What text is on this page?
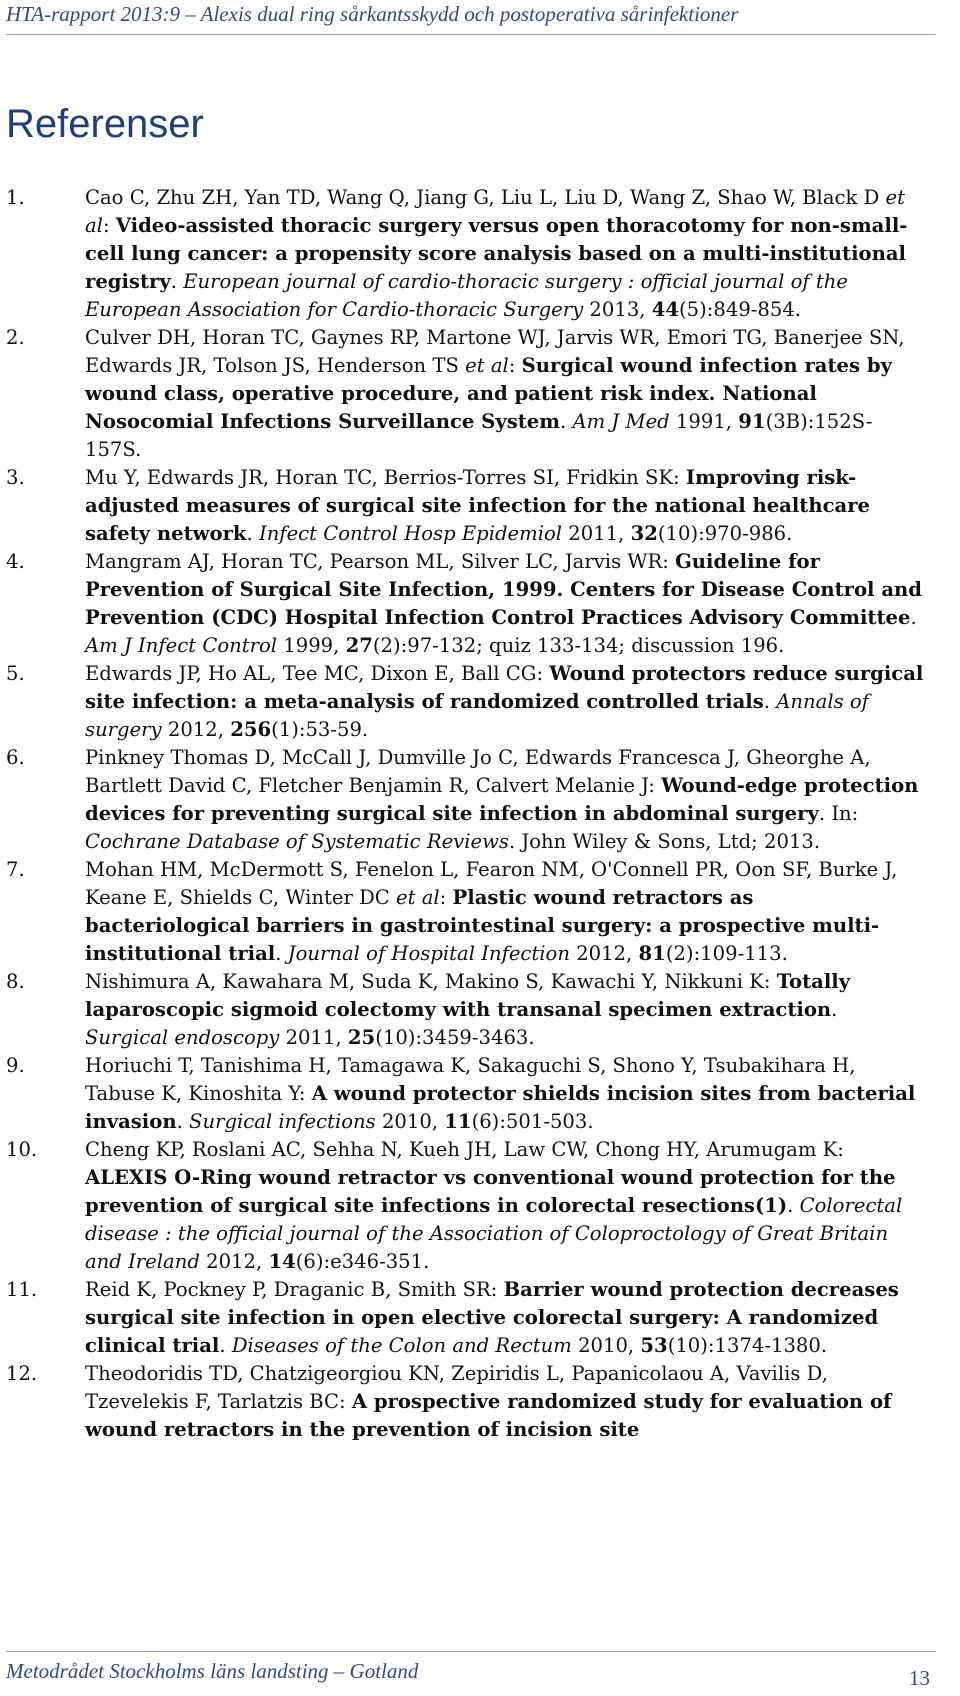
HTA-rapport 2013:9 – Alexis dual ring sårkantsskydd och postoperativa sårinfektioner
Referenser
1.	Cao C, Zhu ZH, Yan TD, Wang Q, Jiang G, Liu L, Liu D, Wang Z, Shao W, Black D et al: Video-assisted thoracic surgery versus open thoracotomy for non-small-cell lung cancer: a propensity score analysis based on a multi-institutional registry. European journal of cardio-thoracic surgery : official journal of the European Association for Cardio-thoracic Surgery 2013, 44(5):849-854.
2.	Culver DH, Horan TC, Gaynes RP, Martone WJ, Jarvis WR, Emori TG, Banerjee SN, Edwards JR, Tolson JS, Henderson TS et al: Surgical wound infection rates by wound class, operative procedure, and patient risk index. National Nosocomial Infections Surveillance System. Am J Med 1991, 91(3B):152S-157S.
3.	Mu Y, Edwards JR, Horan TC, Berrios-Torres SI, Fridkin SK: Improving risk-adjusted measures of surgical site infection for the national healthcare safety network. Infect Control Hosp Epidemiol 2011, 32(10):970-986.
4.	Mangram AJ, Horan TC, Pearson ML, Silver LC, Jarvis WR: Guideline for Prevention of Surgical Site Infection, 1999. Centers for Disease Control and Prevention (CDC) Hospital Infection Control Practices Advisory Committee. Am J Infect Control 1999, 27(2):97-132; quiz 133-134; discussion 196.
5.	Edwards JP, Ho AL, Tee MC, Dixon E, Ball CG: Wound protectors reduce surgical site infection: a meta-analysis of randomized controlled trials. Annals of surgery 2012, 256(1):53-59.
6.	Pinkney Thomas D, McCall J, Dumville Jo C, Edwards Francesca J, Gheorghe A, Bartlett David C, Fletcher Benjamin R, Calvert Melanie J: Wound-edge protection devices for preventing surgical site infection in abdominal surgery. In: Cochrane Database of Systematic Reviews. John Wiley & Sons, Ltd; 2013.
7.	Mohan HM, McDermott S, Fenelon L, Fearon NM, O'Connell PR, Oon SF, Burke J, Keane E, Shields C, Winter DC et al: Plastic wound retractors as bacteriological barriers in gastrointestinal surgery: a prospective multi-institutional trial. Journal of Hospital Infection 2012, 81(2):109-113.
8.	Nishimura A, Kawahara M, Suda K, Makino S, Kawachi Y, Nikkuni K: Totally laparoscopic sigmoid colectomy with transanal specimen extraction. Surgical endoscopy 2011, 25(10):3459-3463.
9.	Horiuchi T, Tanishima H, Tamagawa K, Sakaguchi S, Shono Y, Tsubakihara H, Tabuse K, Kinoshita Y: A wound protector shields incision sites from bacterial invasion. Surgical infections 2010, 11(6):501-503.
10.	Cheng KP, Roslani AC, Sehha N, Kueh JH, Law CW, Chong HY, Arumugam K: ALEXIS O-Ring wound retractor vs conventional wound protection for the prevention of surgical site infections in colorectal resections(1). Colorectal disease : the official journal of the Association of Coloproctology of Great Britain and Ireland 2012, 14(6):e346-351.
11.	Reid K, Pockney P, Draganic B, Smith SR: Barrier wound protection decreases surgical site infection in open elective colorectal surgery: A randomized clinical trial. Diseases of the Colon and Rectum 2010, 53(10):1374-1380.
12.	Theodoridis TD, Chatzigeorgiou KN, Zepiridis L, Papanicolaou A, Vavilis D, Tzevelekis F, Tarlatzis BC: A prospective randomized study for evaluation of wound retractors in the prevention of incision site
Metodrådet Stockholms läns landsting – Gotland	13
